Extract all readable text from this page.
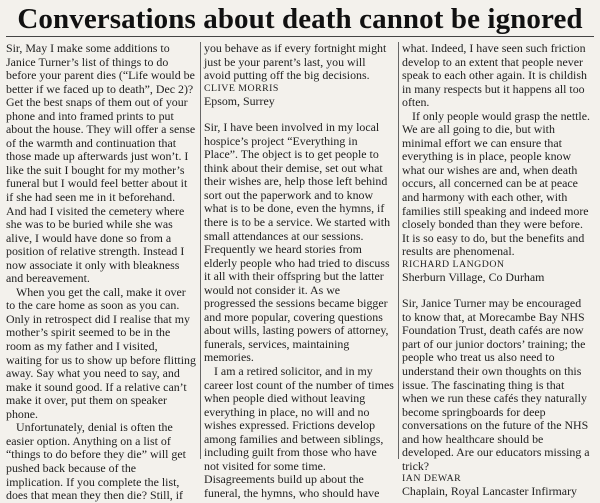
Conversations about death cannot be ignored

Sir, May I make some additions to Janice Turner’s list of things to do before your parent dies (“Life would be better if we faced up to death”, Dec 2)? Get the best snaps of them out of your phone and into framed prints to put about the house. They will offer a sense of the warmth and continuation that those made up afterwards just won’t. I like the suit I bought for my mother’s funeral but I would feel better about it if she had seen me in it beforehand. And had I visited the cemetery where she was to be buried while she was alive, I would have done so from a position of relative strength. Instead I now associate it only with bleakness and bereavement.

When you get the call, make it over to the care home as soon as you can. Only in retrospect did I realise that my mother’s spirit seemed to be in the room as my father and I visited, waiting for us to show up before flitting away. Say what you need to say, and make it sound good. If a relative can’t make it over, put them on speaker phone.

Unfortunately, denial is often the easier option. Anything on a list of “things to do before they die” will get pushed back because of the implication. If you complete the list, does that mean they then die? Still, if

you behave as if every fortnight might just be your parent’s last, you will avoid putting off the big decisions.

CLIVE MORRIS

Epsom, Surrey

Sir, I have been involved in my local hospice’s project “Everything in Place”. The object is to get people to think about their demise, set out what their wishes are, help those left behind sort out the paperwork and to know what is to be done, even the hymns, if there is to be a service. We started with small attendances at our sessions. Frequently we heard stories from elderly people who had tried to discuss it all with their offspring but the latter would not consider it. As we progressed the sessions became bigger and more popular, covering questions about wills, lasting powers of attorney, funerals, services, maintaining memories.

I am a retired solicitor, and in my career lost count of the number of times when people died without leaving everything in place, no will and no wishes expressed. Frictions develop among families and between siblings, including guilt from those who have not visited for some time. Disagreements build up about the funeral, the hymns, who should have

what. Indeed, I have seen such friction develop to an extent that people never speak to each other again. It is childish in many respects but it happens all too often.

If only people would grasp the nettle. We are all going to die, but with minimal effort we can ensure that everything is in place, people know what our wishes are and, when death occurs, all concerned can be at peace and harmony with each other, with families still speaking and indeed more closely bonded than they were before. It is so easy to do, but the benefits and results are phenomenal.

RICHARD LANGDON

Sherburn Village, Co Durham

Sir, Janice Turner may be encouraged to know that, at Morecambe Bay NHS Foundation Trust, death cafés are now part of our junior doctors’ training; the people who treat us also need to understand their own thoughts on this issue. The fascinating thing is that when we run these cafés they naturally become springboards for deep conversations on the future of the NHS and how healthcare should be developed. Are our educators missing a trick?

IAN DEWAR

Chaplain, Royal Lancaster Infirmary
